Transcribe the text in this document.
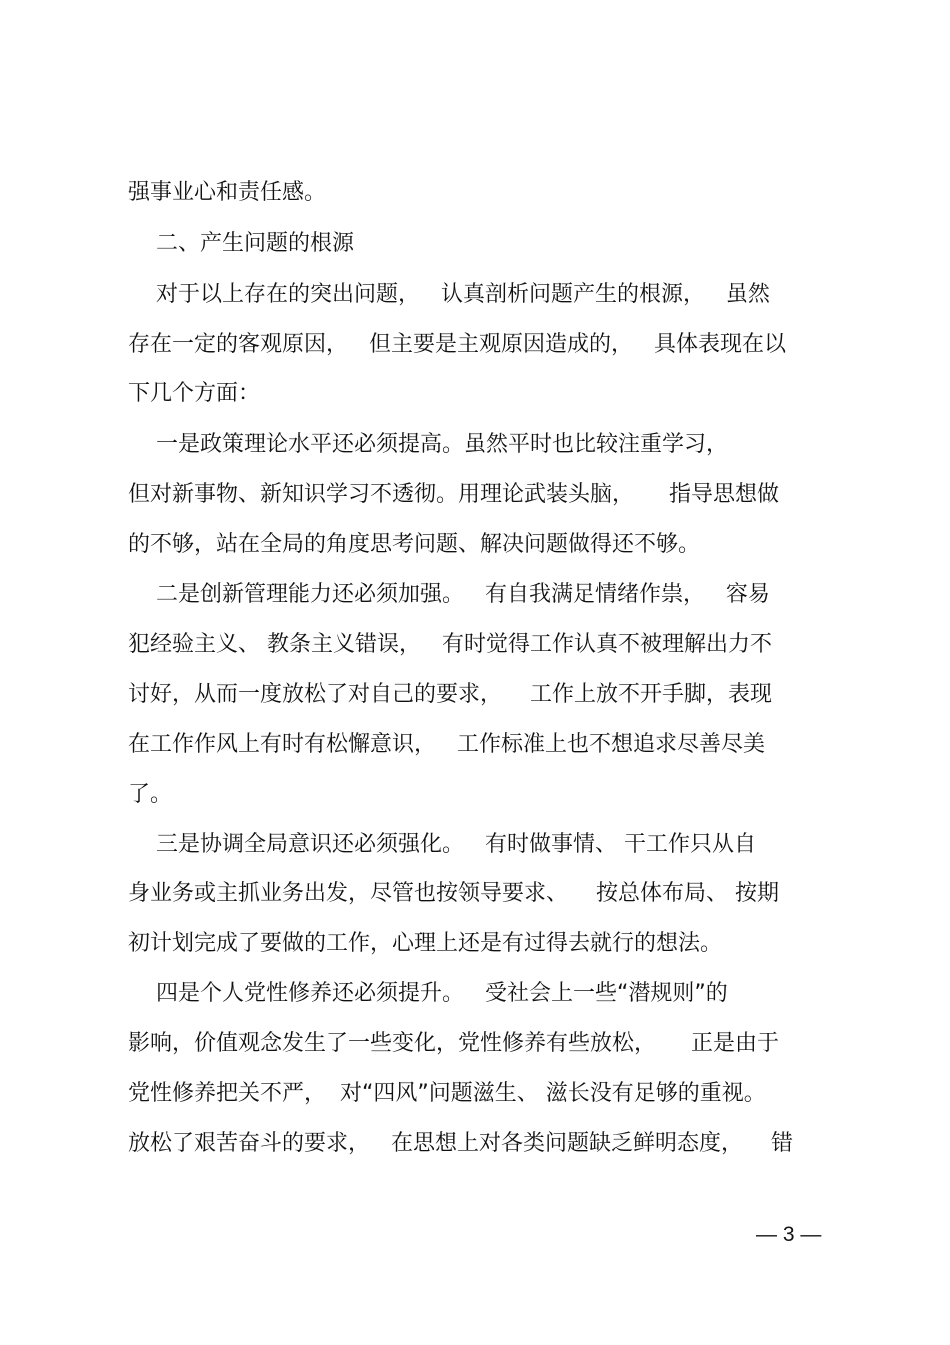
强事业心和责任感。
二、产生问题的根源
对于以上存在的突出问题，   认真剖析问题产生的根源，   虽然
存在一定的客观原因，   但主要是主观原因造成的，   具体表现在以
下几个方面：
一是政策理论水平还必须提高。虽然平时也比较注重学习，
但对新事物、新知识学习不透彻。用理论武装头脑，     指导思想做
的不够，站在全局的角度思考问题、解决问题做得还不够。
二是创新管理能力还必须加强。   有自我满足情绪作祟，   容易
犯经验主义、 教条主义错误，   有时觉得工作认真不被理解出力不
讨好，从而一度放松了对自己的要求，    工作上放不开手脚，表现
在工作作风上有时有松懈意识，   工作标准上也不想追求尽善尽美
了。
三是协调全局意识还必须强化。   有时做事情、 干工作只从自
身业务或主抓业务出发，尽管也按领导要求、    按总体布局、 按期
初计划完成了要做的工作，心理上还是有过得去就行的想法。
四是个人党性修养还必须提升。   受社会上一些“潜规则”的
影响，价值观念发生了一些变化，党性修养有些放松，     正是由于
党性修养把关不严，  对“四风”问题滋生、 滋长没有足够的重视。
放松了艰苦奋斗的要求，   在思想上对各类问题缺乏鲜明态度，    错
— 3 —
